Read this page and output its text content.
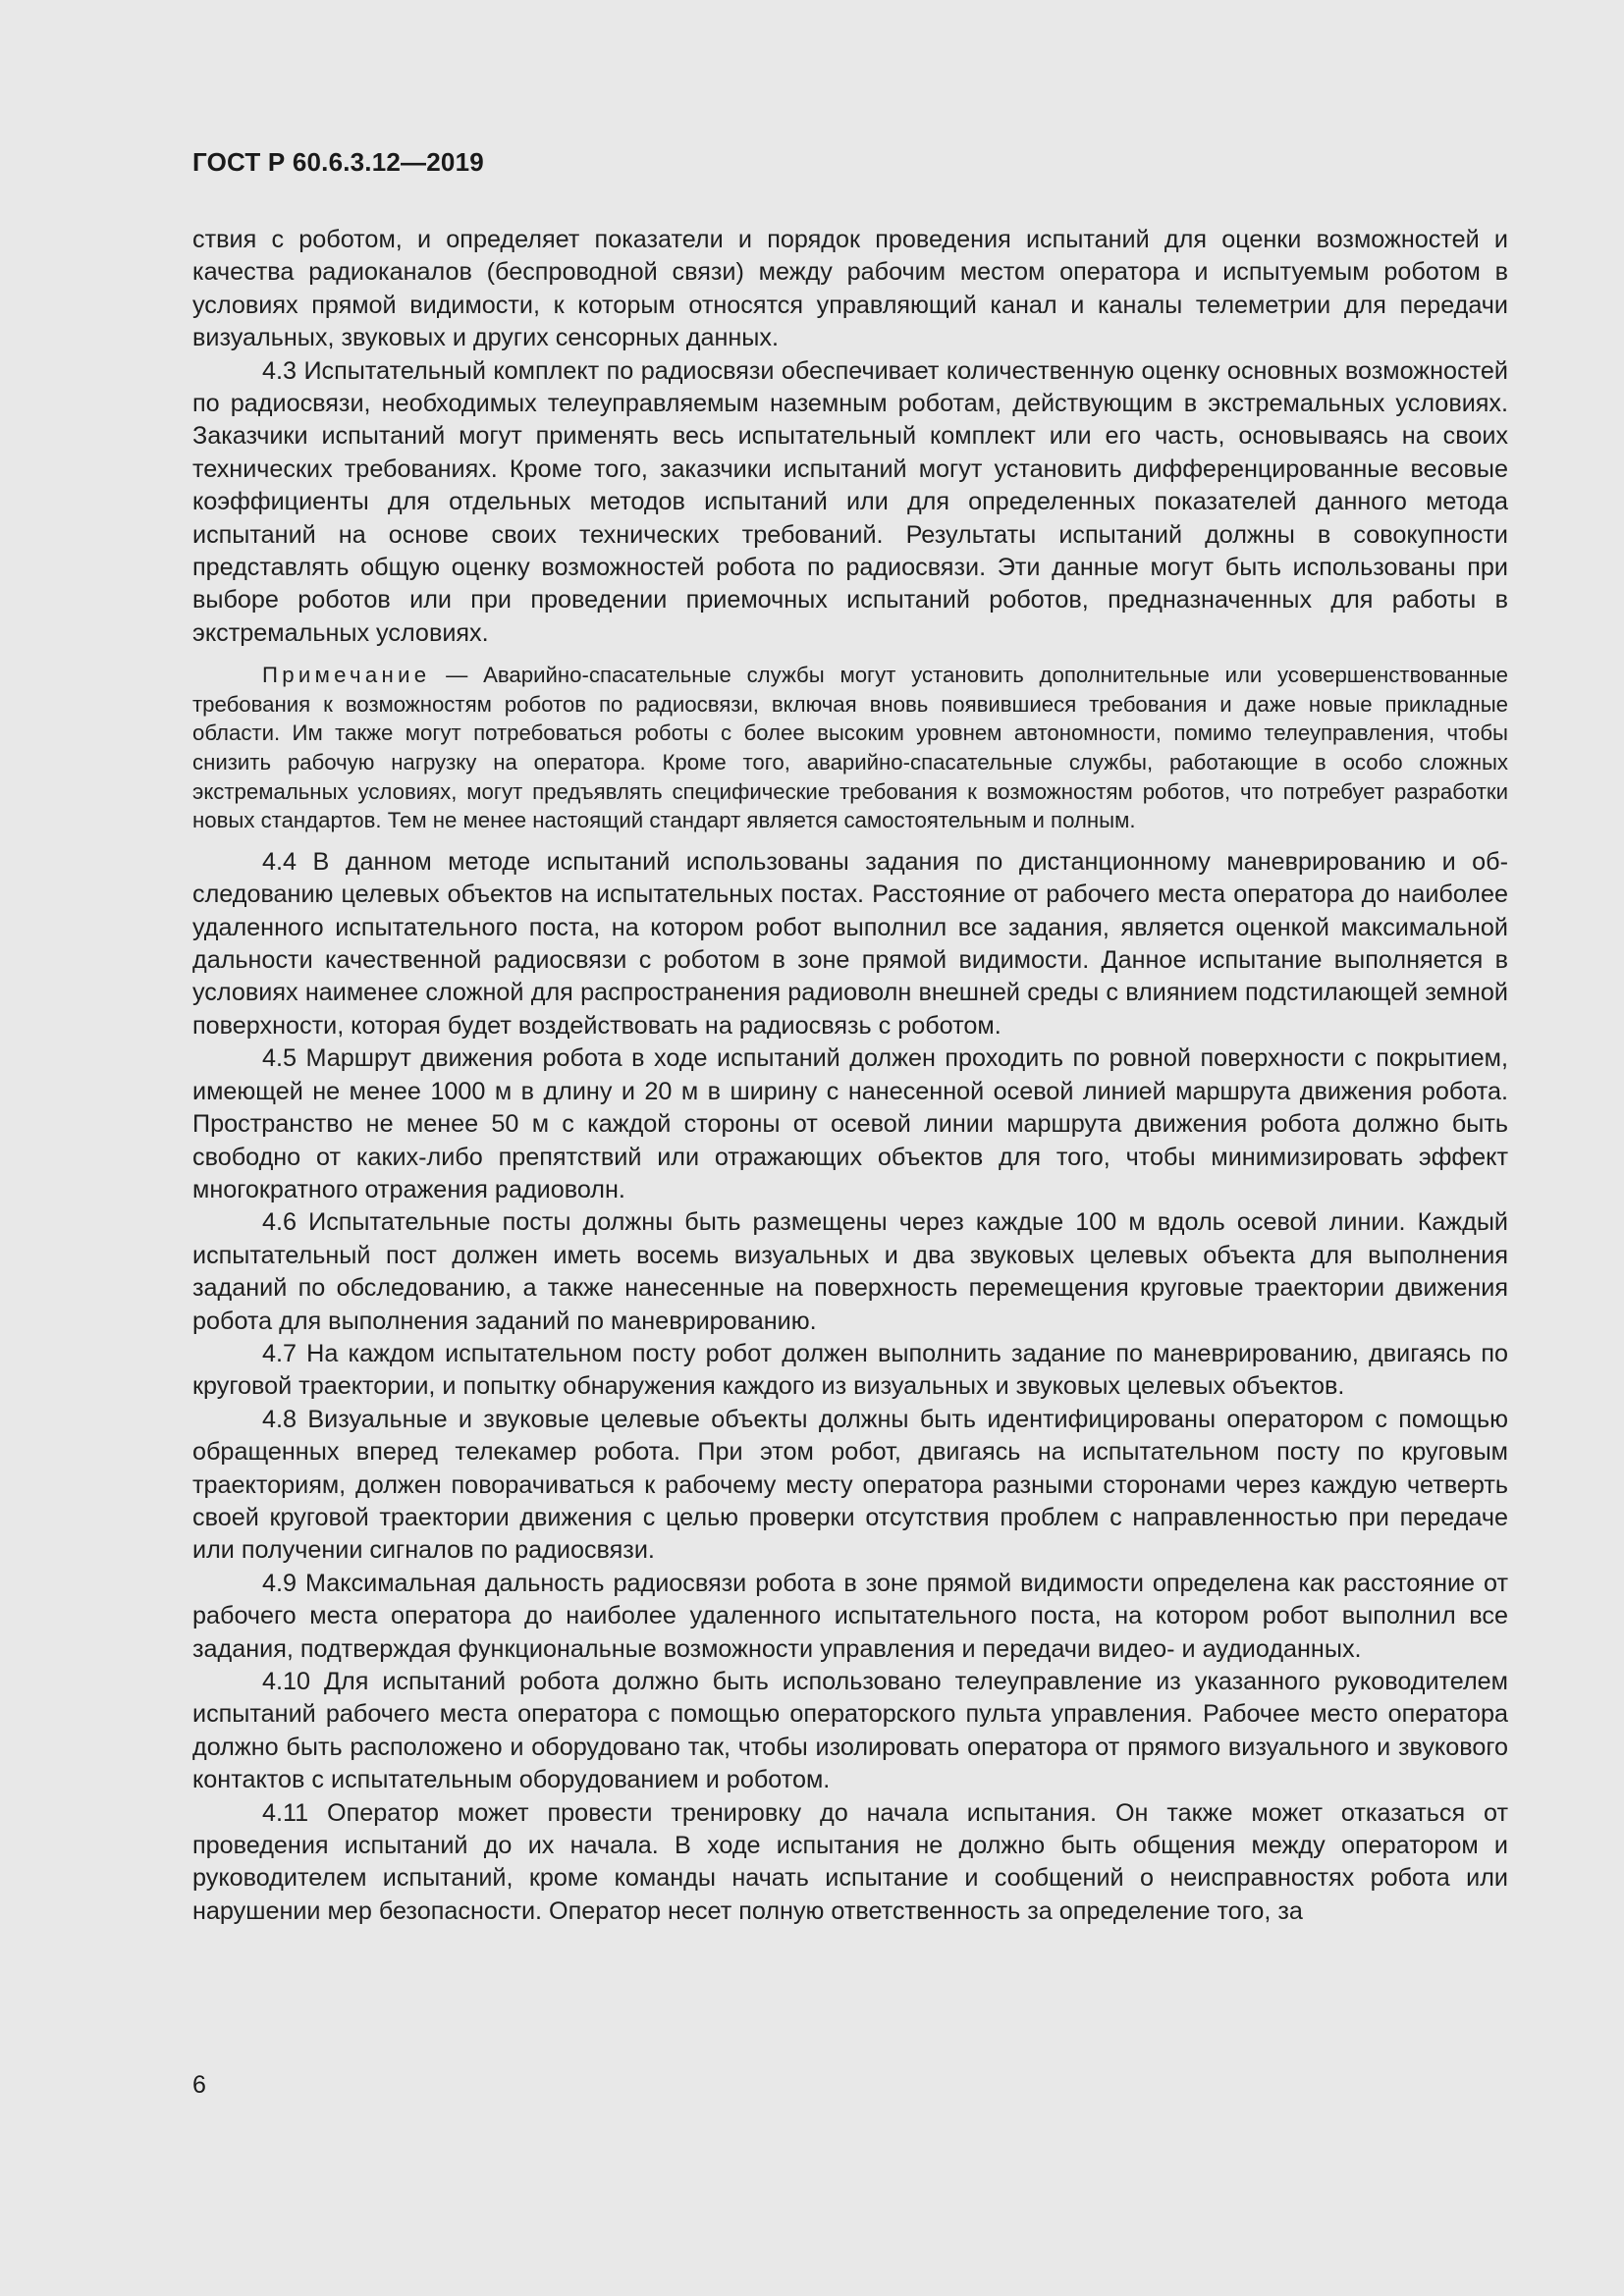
ГОСТ Р 60.6.3.12—2019

ствия с роботом, и определяет показатели и порядок проведения испытаний для оценки возможностей и качества радиоканалов (беспроводной связи) между рабочим местом оператора и испытуемым роботом в условиях прямой видимости, к которым относятся управляющий канал и каналы телеметрии для передачи визуальных, звуковых и других сенсорных данных.

4.3 Испытательный комплект по радиосвязи обеспечивает количественную оценку основных возможностей по радиосвязи, необходимых телеуправляемым наземным роботам, действующим в экстремальных условиях. Заказчики испытаний могут применять весь испытательный комплект или его часть, основываясь на своих технических требованиях. Кроме того, заказчики испытаний могут установить дифференцированные весовые коэффициенты для отдельных методов испытаний или для определенных показателей данного метода испытаний на основе своих технических требований. Результаты испытаний должны в совокупности представлять общую оценку возможностей робота по радиосвязи. Эти данные могут быть использованы при выборе роботов или при проведении приемочных испытаний роботов, предназначенных для работы в экстремальных условиях.

Примечание — Аварийно-спасательные службы могут установить дополнительные или усовершенствованные требования к возможностям роботов по радиосвязи, включая вновь появившиеся требования и даже новые прикладные области. Им также могут потребоваться роботы с более высоким уровнем автономности, помимо телеуправления, чтобы снизить рабочую нагрузку на оператора. Кроме того, аварийно-спасательные службы, работающие в особо сложных экстремальных условиях, могут предъявлять специфические требования к возможностям роботов, что потребует разработки новых стандартов. Тем не менее настоящий стандарт является самостоятельным и полным.

4.4 В данном методе испытаний использованы задания по дистанционному маневрированию и обследованию целевых объектов на испытательных постах. Расстояние от рабочего места оператора до наиболее удаленного испытательного поста, на котором робот выполнил все задания, является оценкой максимальной дальности качественной радиосвязи с роботом в зоне прямой видимости. Данное испытание выполняется в условиях наименее сложной для распространения радиоволн внешней среды с влиянием подстилающей земной поверхности, которая будет воздействовать на радиосвязь с роботом.

4.5 Маршрут движения робота в ходе испытаний должен проходить по ровной поверхности с покрытием, имеющей не менее 1000 м в длину и 20 м в ширину с нанесенной осевой линией маршрута движения робота. Пространство не менее 50 м с каждой стороны от осевой линии маршрута движения робота должно быть свободно от каких-либо препятствий или отражающих объектов для того, чтобы минимизировать эффект многократного отражения радиоволн.

4.6 Испытательные посты должны быть размещены через каждые 100 м вдоль осевой линии. Каждый испытательный пост должен иметь восемь визуальных и два звуковых целевых объекта для выполнения заданий по обследованию, а также нанесенные на поверхность перемещения круговые траектории движения робота для выполнения заданий по маневрированию.

4.7 На каждом испытательном посту робот должен выполнить задание по маневрированию, двигаясь по круговой траектории, и попытку обнаружения каждого из визуальных и звуковых целевых объектов.

4.8 Визуальные и звуковые целевые объекты должны быть идентифицированы оператором с помощью обращенных вперед телекамер робота. При этом робот, двигаясь на испытательном посту по круговым траекториям, должен поворачиваться к рабочему месту оператора разными сторонами через каждую четверть своей круговой траектории движения с целью проверки отсутствия проблем с направленностью при передаче или получении сигналов по радиосвязи.

4.9 Максимальная дальность радиосвязи робота в зоне прямой видимости определена как расстояние от рабочего места оператора до наиболее удаленного испытательного поста, на котором робот выполнил все задания, подтверждая функциональные возможности управления и передачи видео- и аудиоданных.

4.10 Для испытаний робота должно быть использовано телеуправление из указанного руководителем испытаний рабочего места оператора с помощью операторского пульта управления. Рабочее место оператора должно быть расположено и оборудовано так, чтобы изолировать оператора от прямого визуального и звукового контактов с испытательным оборудованием и роботом.

4.11 Оператор может провести тренировку до начала испытания. Он также может отказаться от проведения испытаний до их начала. В ходе испытания не должно быть общения между оператором и руководителем испытаний, кроме команды начать испытание и сообщений о неисправностях робота или нарушении мер безопасности. Оператор несет полную ответственность за определение того, за

6
